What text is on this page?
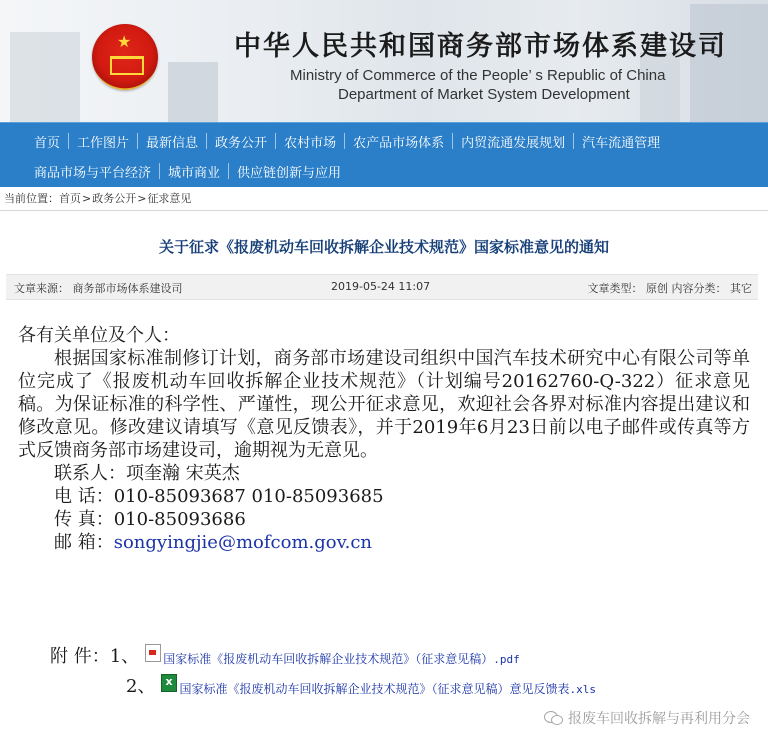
★	中华人民共和国商务部市场体系建设司

Ministry of Commerce of the People’ s Republic of China

Department of Market System Development

首页	工作图片	最新信息	政务公开	农村市场	农产品市场体系	内贸流通发展规划	汽车流通管理
商品市场与平台经济	城市商业	供应链创新与应用
当前位置： 首页 > 政务公开 > 征求意见
关于征求《报废机动车回收拆解企业技术规范》国家标准意见的通知
文章来源： 商务部市场体系建设司	2019-05-24 11:07	文章类型： 原创 内容分类： 其它

各有关单位及个人：

根据国家标准制修订计划，商务部市场建设司组织中国汽车技术研究中心有限公司等单位完成了《报废机动车回收拆解企业技术规范》（计划编号20162760-Q-322）征求意见稿。为保证标准的科学性、严谨性，现公开征求意见，欢迎社会各界对标准内容提出建议和修改意见。修改建议请填写《意见反馈表》，并于2019年6月23日前以电子邮件或传真等方式反馈商务部市场建设司，逾期视为无意见。

联系人：项奎瀚 宋英杰

电 话：010-85093687 010-85093685

传 真：010-85093686

邮 箱：songyingjie@mofcom.gov.cn

附 件： 1、 国家标准《报废机动车回收拆解企业技术规范》（征求意见稿）.pdf
2、
x 国家标准《报废机动车回收拆解企业技术规范》（征求意见稿）意见反馈表.xls
报废车回收拆解与再利用分会
